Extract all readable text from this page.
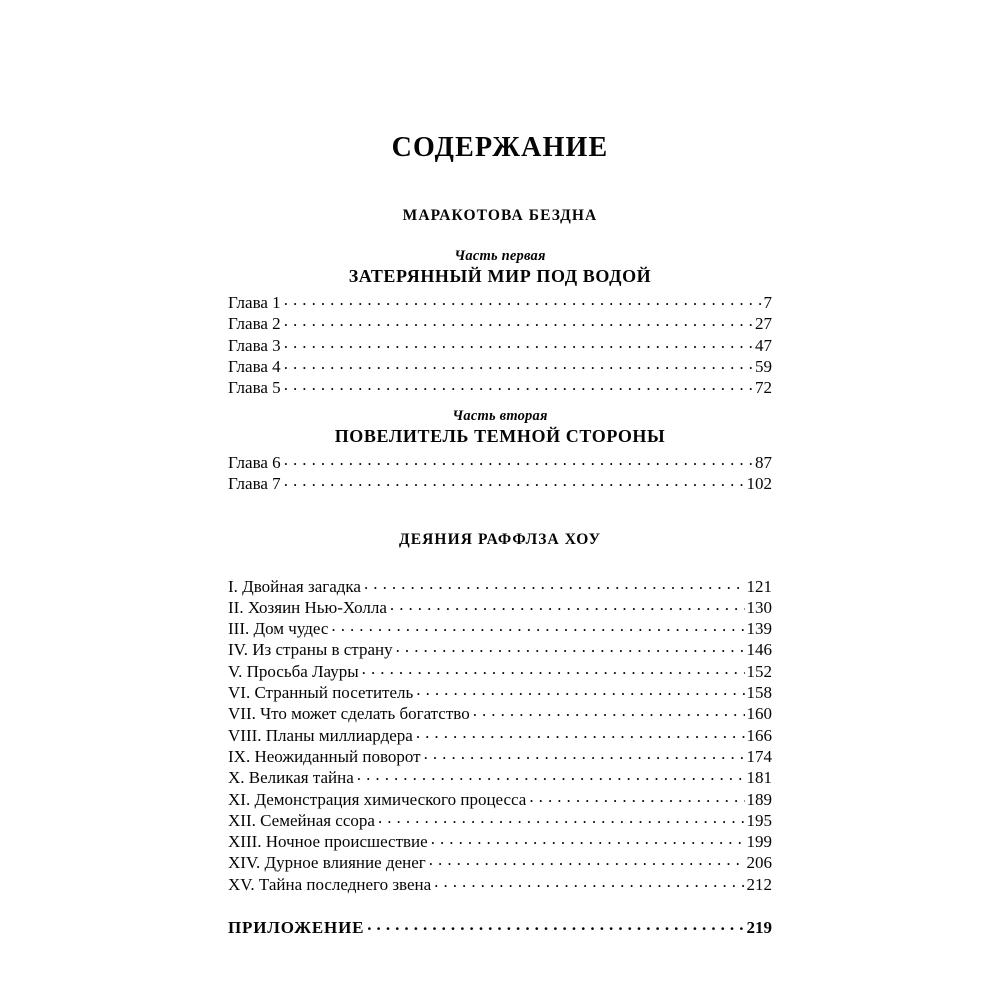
СОДЕРЖАНИЕ
МАРАКОТОВА БЕЗДНА
Часть первая
ЗАТЕРЯННЫЙ МИР ПОД ВОДОЙ
Глава 1 . . .	7
Глава 2 . . .	27
Глава 3 . . .	47
Глава 4 . . .	59
Глава 5 . . .	72
Часть вторая
ПОВЕЛИТЕЛЬ ТЕМНОЙ СТОРОНЫ
Глава 6 . . .	87
Глава 7 . . .	102
ДЕЯНИЯ РАФФЛЗА ХОУ
I. Двойная загадка . . .	121
II. Хозяин Нью-Холла . . .	130
III. Дом чудес . . .	139
IV. Из страны в страну . . .	146
V. Просьба Лауры . . .	152
VI. Странный посетитель . . .	158
VII. Что может сделать богатство . . .	160
VIII. Планы миллиардера . . .	166
IX. Неожиданный поворот . . .	174
X. Великая тайна . . .	181
XI. Демонстрация химического процесса . . .	189
XII. Семейная ссора . . .	195
XIII. Ночное происшествие . . .	199
XIV. Дурное влияние денег . . .	206
XV. Тайна последнего звена . . .	212
ПРИЛОЖЕНИЕ . . .	219
